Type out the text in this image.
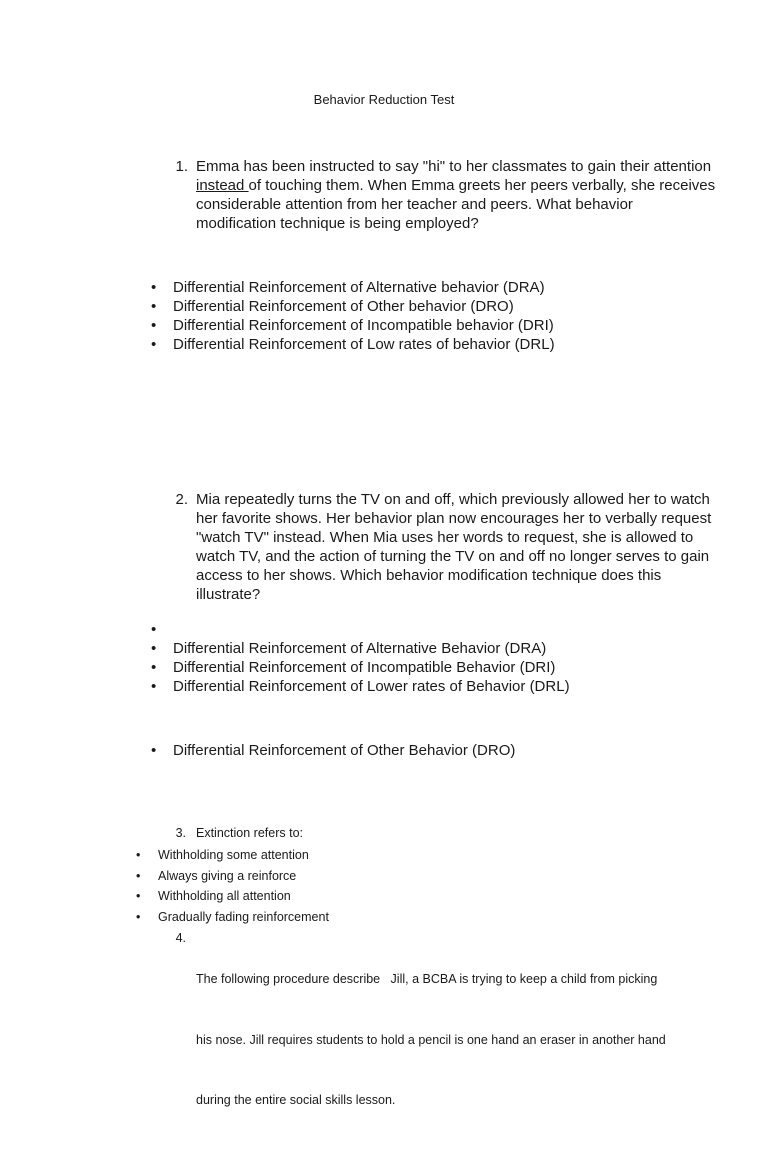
Behavior Reduction Test
1. Emma has been instructed to say "hi" to her classmates to gain their attention
instead of touching them. When Emma greets her peers verbally, she receives
considerable attention from her teacher and peers. What behavior
modification technique is being employed?
• Differential Reinforcement of Alternative behavior (DRA)
• Differential Reinforcement of Other behavior (DRO)
• Differential Reinforcement of Incompatible behavior (DRI)
• Differential Reinforcement of Low rates of behavior (DRL)
2. Mia repeatedly turns the TV on and off, which previously allowed her to watch
her favorite shows. Her behavior plan now encourages her to verbally request
"watch TV" instead. When Mia uses her words to request, she is allowed to
watch TV, and the action of turning the TV on and off no longer serves to gain
access to her shows. Which behavior modification technique does this
illustrate?
•
• Differential Reinforcement of Alternative Behavior (DRA)
• Differential Reinforcement of Incompatible Behavior (DRI)
• Differential Reinforcement of Lower rates of Behavior (DRL)
• Differential Reinforcement of Other Behavior (DRO)
3. Extinction refers to:
• Withholding some attention
• Always giving a reinforce
• Withholding all attention
• Gradually fading reinforcement
4.

The following procedure describe   Jill, a BCBA is trying to keep a child from picking

his nose. Jill requires students to hold a pencil is one hand an eraser in another hand

during the entire social skills lesson.
